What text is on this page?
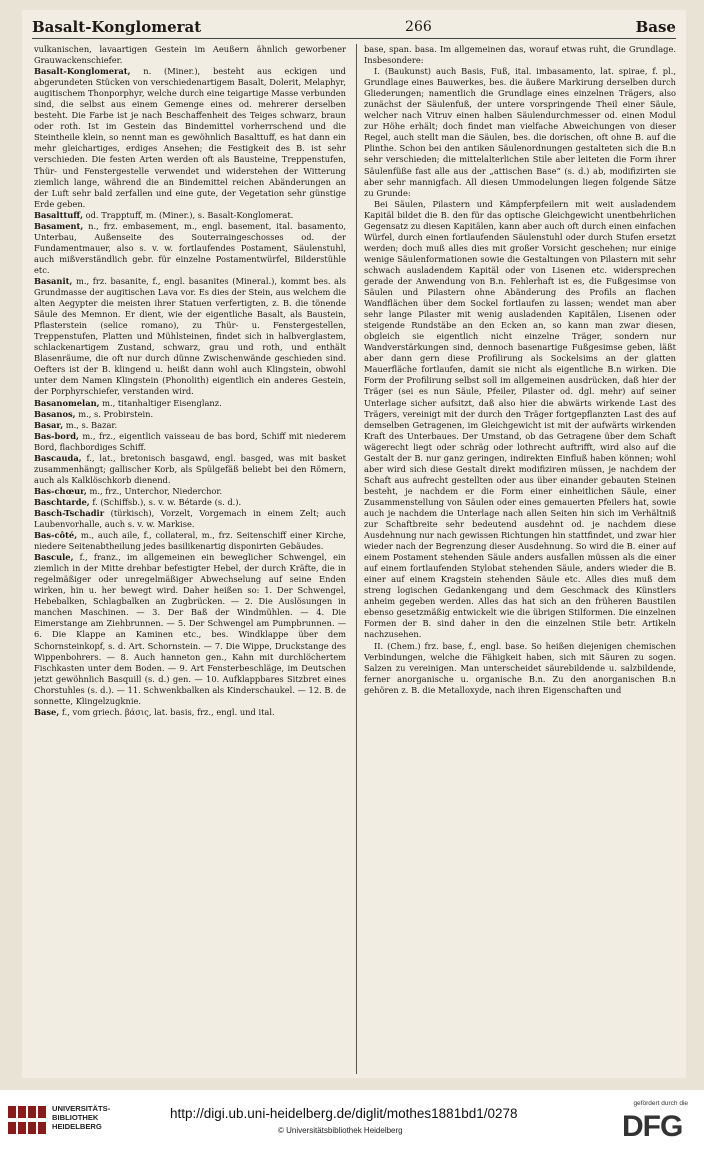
Basalt-Konglomerat	266	Base

vulkanischen, lavaartigen Gestein im Aeußern ähnlich geworbener Grauwackenschiefer.

Basalt-Konglomerat, n. (Miner.), besteht aus eckigen und abgerundeten Stücken von verschiedenartigem Basalt, Dolerit, Melaphyr, augitischem Thonporphyr, welche durch eine teigartige Masse verbunden sind, die selbst aus einem Gemenge eines od. mehrerer derselben besteht. Die Farbe ist je nach Beschaffenheit des Teiges schwarz, braun oder roth. Ist im Gestein das Bindemittel vorherrschend und die Steintheile klein, so nennt man es gewöhnlich Basalttuff, es hat dann ein mehr gleichartiges, erdiges Ansehen; die Festigkeit des B. ist sehr verschieden. Die festen Arten werden oft als Bausteine, Treppenstufen, Thür- und Fenstergestelle verwendet und widerstehen der Witterung ziemlich lange, während die an Bindemittel reichen Abänderungen an der Luft sehr bald zerfallen und eine gute, der Vegetation sehr günstige Erde geben.

Basalttuff, od. Trapptuff, m. (Miner.), s. Basalt-Konglomerat.

Basament, n., frz. embasement, m., engl. basement, ital. basamento, Unterbau, Außenseite des Souterraingeschosses od. der Fundamentmauer, also s. v. w. fortlaufendes Postament, Säulenstuhl, auch mißverständlich gebr. für einzelne Postamentwürfel, Bilderstühle etc.

Basanit, m., frz. basanite, f., engl. basanites (Mineral.), kommt bes. als Grundmasse der augitischen Lava vor. Es dies der Stein, aus welchem die alten Aegypter die meisten ihrer Statuen verfertigten, z. B. die tönende Säule des Memnon. Er dient, wie der eigentliche Basalt, als Baustein, Pflasterstein (selice romano), zu Thür- u. Fenstergestellen, Treppenstufen, Platten und Mühlsteinen, findet sich in halbverglastem, schlackenartigem Zustand, schwarz, grau und roth, und enthält Blasenräume, die oft nur durch dünne Zwischenwände geschieden sind. Oefters ist der B. klingend u. heißt dann wohl auch Klingstein, obwohl unter dem Namen Klingstein (Phonolith) eigentlich ein anderes Gestein, der Porphyrschiefer, verstanden wird.

Basanomelan, m., titanhaltiger Eisenglanz.

Basanos, m., s. Probirstein.

Basar, m., s. Bazar.

Bas-bord, m., frz., eigentlich vaisseau de bas bord, Schiff mit niederem Bord, flachbordiges Schiff.

Bascauda, f., lat., bretonisch basgawd, engl. basged, was mit basket zusammenhängt; gallischer Korb, als Spülgefäß beliebt bei den Römern, auch als Kalklöschkorb dienend.

Bas-chœur, m., frz., Unterchor, Niederchor.

Baschtarde, f. (Schiffsb.), s. v. w. Bétarde (s. d.).

Basch-Tschadir (türkisch), Vorzelt, Vorgemach in einem Zelt; auch Laubenvorhalle, auch s. v. w. Markise.

Bas-côté, m., auch aile, f., collateral, m., frz. Seitenschiff einer Kirche, niedere Seitenabtheilung jedes basilikenartig disponirten Gebäudes.

Bascule, f., franz., im allgemeinen ein beweglicher Schwengel, ein ziemlich in der Mitte drehbar befestigter Hebel, der durch Kräfte, die in regelmäßiger oder unregelmäßiger Abwechselung auf seine Enden wirken, hin u. her bewegt wird. Daher heißen so: 1. Der Schwengel, Hebebalken, Schlagbalken an Zugbrücken. — 2. Die Auslösungen in manchen Maschinen. — 3. Der Baß der Windmühlen. — 4. Die Eimerstange am Ziehbrunnen. — 5. Der Schwengel am Pumpbrunnen. — 6. Die Klappe an Kaminen etc., bes. Windklappe über dem Schornsteinkopf, s. d. Art. Schornstein. — 7. Die Wippe, Druckstange des Wippenbohrers. — 8. Auch hanneton gen., Kahn mit durchlöchertem Fischkasten unter dem Boden. — 9. Art Fensterbeschläge, im Deutschen jetzt gewöhnlich Basquill (s. d.) gen. — 10. Aufklappbares Sitzbret eines Chorstuhles (s. d.). — 11. Schwenkbalken als Kinderschaukel. — 12. B. de sonnette, Klingelzugknie.

Base, f., vom griech. βάσις, lat. basis, frz., engl. und ital.

base, span. basa. Im allgemeinen das, worauf etwas ruht, die Grundlage. Insbesondere:

I. (Baukunst) auch Basis, Fuß, ital. imbasamento, lat. spirae, f. pl., Grundlage eines Bauwerkes, bes. die äußere Markirung derselben durch Gliederungen; namentlich die Grundlage eines einzelnen Trägers, also zunächst der Säulenfuß, der untere vorspringende Theil einer Säule, welcher nach Vitruv einen halben Säulendurchmesser od. einen Modul zur Höhe erhält; doch findet man vielfache Abweichungen von dieser Regel, auch stellt man die Säulen, bes. die dorischen, oft ohne B. auf die Plinthe. Schon bei den antiken Säulenordnungen gestalteten sich die B.n sehr verschieden; die mittelalterlichen Stile aber leiteten die Form ihrer Säulenfüße fast alle aus der „attischen Base“ (s. d.) ab, modifizirten sie aber sehr mannigfach. All diesen Ummodelungen liegen folgende Sätze zu Grunde:

Bei Säulen, Pilastern und Kämpferpfeilern mit weit ausladendem Kapitäl bildet die B. den für das optische Gleichgewicht unentbehrlichen Gegensatz zu diesen Kapitälen, kann aber auch oft durch einen einfachen Würfel, durch einen fortlaufenden Säulenstuhl oder durch Stufen ersetzt werden; doch muß alles dies mit großer Vorsicht geschehen; nur einige wenige Säulenformationen sowie die Gestaltungen von Pilastern mit sehr schwach ausladendem Kapitäl oder von Lisenen etc. widersprechen gerade der Anwendung von B.n. Fehlerhaft ist es, die Fußgesimse von Säulen und Pilastern ohne Abänderung des Profils an flachen Wandflächen über dem Sockel fortlaufen zu lassen; wendet man aber sehr lange Pilaster mit wenig ausladenden Kapitälen, Lisenen oder steigende Rundstäbe an den Ecken an, so kann man zwar diesen, obgleich sie eigentlich nicht einzelne Träger, sondern nur Wandverstärkungen sind, dennoch basenartige Fußgesimse geben, läßt aber dann gern diese Profilirung als Sockelsims an der glatten Mauerfläche fortlaufen, damit sie nicht als eigentliche B.n wirken. Die Form der Profilirung selbst soll im allgemeinen ausdrücken, daß hier der Träger (sei es nun Säule, Pfeiler, Pilaster od. dgl. mehr) auf seiner Unterlage sicher aufsitzt, daß also hier die abwärts wirkende Last des Trägers, vereinigt mit der durch den Träger fortgepflanzten Last des auf demselben Getragenen, im Gleichgewicht ist mit der aufwärts wirkenden Kraft des Unterbaues. Der Umstand, ob das Getragene über dem Schaft wägerecht liegt oder schräg oder lothrecht auftrifft, wird also auf die Gestalt der B. nur ganz geringen, indirekten Einfluß haben können; wohl aber wird sich diese Gestalt direkt modifiziren müssen, je nachdem der Schaft aus aufrecht gestellten oder aus über einander gebauten Steinen besteht, je nachdem er die Form einer einheitlichen Säule, einer Zusammenstellung von Säulen oder eines gemauerten Pfeilers hat, sowie auch je nachdem die Unterlage nach allen Seiten hin sich im Verhältniß zur Schaftbreite sehr bedeutend ausdehnt od. je nachdem diese Ausdehnung nur nach gewissen Richtungen hin stattfindet, und zwar hier wieder nach der Begrenzung dieser Ausdehnung. So wird die B. einer auf einem Postament stehenden Säule anders ausfallen müssen als die einer auf einem fortlaufenden Stylobat stehenden Säule, anders wieder die B. einer auf einem Kragstein stehenden Säule etc. Alles dies muß dem streng logischen Gedankengang und dem Geschmack des Künstlers anheim gegeben werden. Alles das hat sich an den früheren Baustilen ebenso gesetzmäßig entwickelt wie die übrigen Stilformen. Die einzelnen Formen der B. sind daher in den die einzelnen Stile betr. Artikeln nachzusehen.

II. (Chem.) frz. base, f., engl. base. So heißen diejenigen chemischen Verbindungen, welche die Fähigkeit haben, sich mit Säuren zu sogen. Salzen zu vereinigen. Man unterscheidet säurebildende u. salzbildende, ferner anorganische u. organische B.n. Zu den anorganischen B.n gehören z. B. die Metalloxyde, nach ihren Eigenschaften und

UNIVERSITÄTS-
BIBLIOTHEK
HEIDELBERG
http://digi.ub.uni-heidelberg.de/diglit/mothes1881bd1/0278
© Universitätsbibliothek Heidelberg
gefördert durch die
DFG
